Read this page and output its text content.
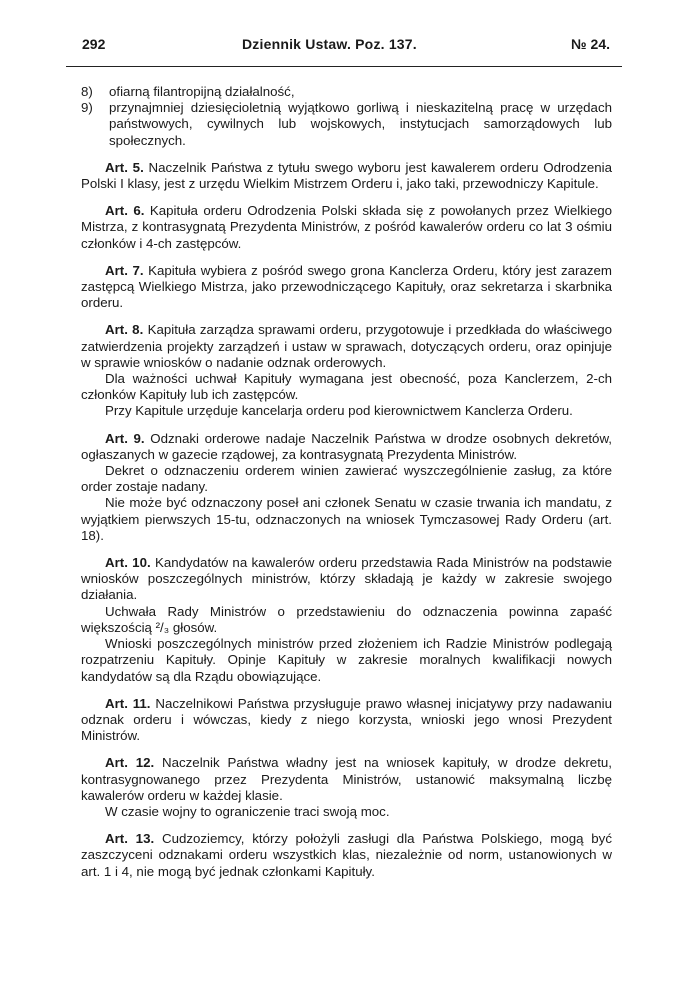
292	Dziennik Ustaw. Poz. 137.	№ 24.
8)	ofiarną filantropijną działalność,
9)	przynajmniej dziesięcioletnią wyjątkowo gorliwą i nieskazitelną pracę w urzędach państwowych, cywilnych lub wojskowych, instytucjach samorządowych lub społecznych.
Art. 5. Naczelnik Państwa z tytułu swego wyboru jest kawalerem orderu Odrodzenia Polski I klasy, jest z urzędu Wielkim Mistrzem Orderu i, jako taki, przewodniczy Kapitule.
Art. 6. Kapituła orderu Odrodzenia Polski składa się z powołanych przez Wielkiego Mistrza, z kontrasygnatą Prezydenta Ministrów, z pośród kawalerów orderu co lat 3 ośmiu członków i 4-ch zastępców.
Art. 7. Kapituła wybiera z pośród swego grona Kanclerza Orderu, który jest zarazem zastępcą Wielkiego Mistrza, jako przewodniczącego Kapituły, oraz sekretarza i skarbnika orderu.
Art. 8. Kapituła zarządza sprawami orderu, przygotowuje i przedkłada do właściwego zatwierdzenia projekty zarządzeń i ustaw w sprawach, dotyczących orderu, oraz opinjuje w sprawie wniosków o nadanie odznak orderowych.
Dla ważności uchwał Kapituły wymagana jest obecność, poza Kanclerzem, 2-ch członków Kapituły lub ich zastępców.
Przy Kapitule urzęduje kancelarja orderu pod kierownictwem Kanclerza Orderu.
Art. 9. Odznaki orderowe nadaje Naczelnik Państwa w drodze osobnych dekretów, ogłaszanych w gazecie rządowej, za kontrasygnatą Prezydenta Ministrów.
Dekret o odznaczeniu orderem winien zawierać wyszczególnienie zasług, za które order zostaje nadany.
Nie może być odznaczony poseł ani członek Senatu w czasie trwania ich mandatu, z wyjątkiem pierwszych 15-tu, odznaczonych na wniosek Tymczasowej Rady Orderu (art. 18).
Art. 10. Kandydatów na kawalerów orderu przedstawia Rada Ministrów na podstawie wniosków poszczególnych ministrów, którzy składają je każdy w zakresie swojego działania.
Uchwała Rady Ministrów o przedstawieniu do odznaczenia powinna zapaść większością ²/₃ głosów.
Wnioski poszczególnych ministrów przed złożeniem ich Radzie Ministrów podlegają rozpatrzeniu Kapituły. Opinje Kapituły w zakresie moralnych kwalifikacji nowych kandydatów są dla Rządu obowiązujące.
Art. 11. Naczelnikowi Państwa przysługuje prawo własnej inicjatywy przy nadawaniu odznak orderu i wówczas, kiedy z niego korzysta, wnioski jego wnosi Prezydent Ministrów.
Art. 12. Naczelnik Państwa władny jest na wniosek kapituły, w drodze dekretu, kontrasygnowanego przez Prezydenta Ministrów, ustanowić maksymalną liczbę kawalerów orderu w każdej klasie.
W czasie wojny to ograniczenie traci swoją moc.
Art. 13. Cudzoziemcy, którzy położyli zasługi dla Państwa Polskiego, mogą być zaszczyceni odznakami orderu wszystkich klas, niezależnie od norm, ustanowionych w art. 1 i 4, nie mogą być jednak członkami Kapituły.
